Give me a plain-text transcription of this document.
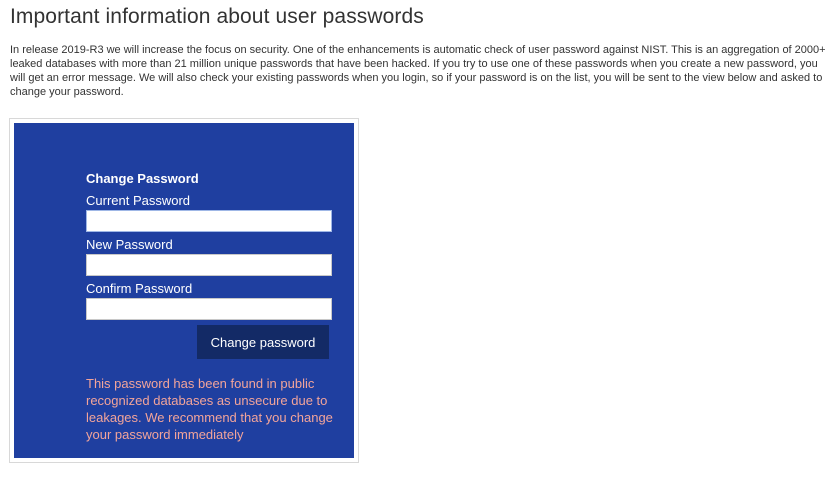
Important information about user passwords

In release 2019-R3 we will increase the focus on security. One of the enhancements is automatic check of user password against NIST. This is an aggregation of 2000+ leaked databases with more than 21 million unique passwords that have been hacked. If you try to use one of these passwords when you create a new password, you will get an error message. We will also check your existing passwords when you login, so if your password is on the list, you will be sent to the view below and asked to change your password.

Change Password
Current Password
New Password
Confirm Password
Change password
This password has been found in public recognized databases as unsecure due to leakages. We recommend that you change your password immediately
